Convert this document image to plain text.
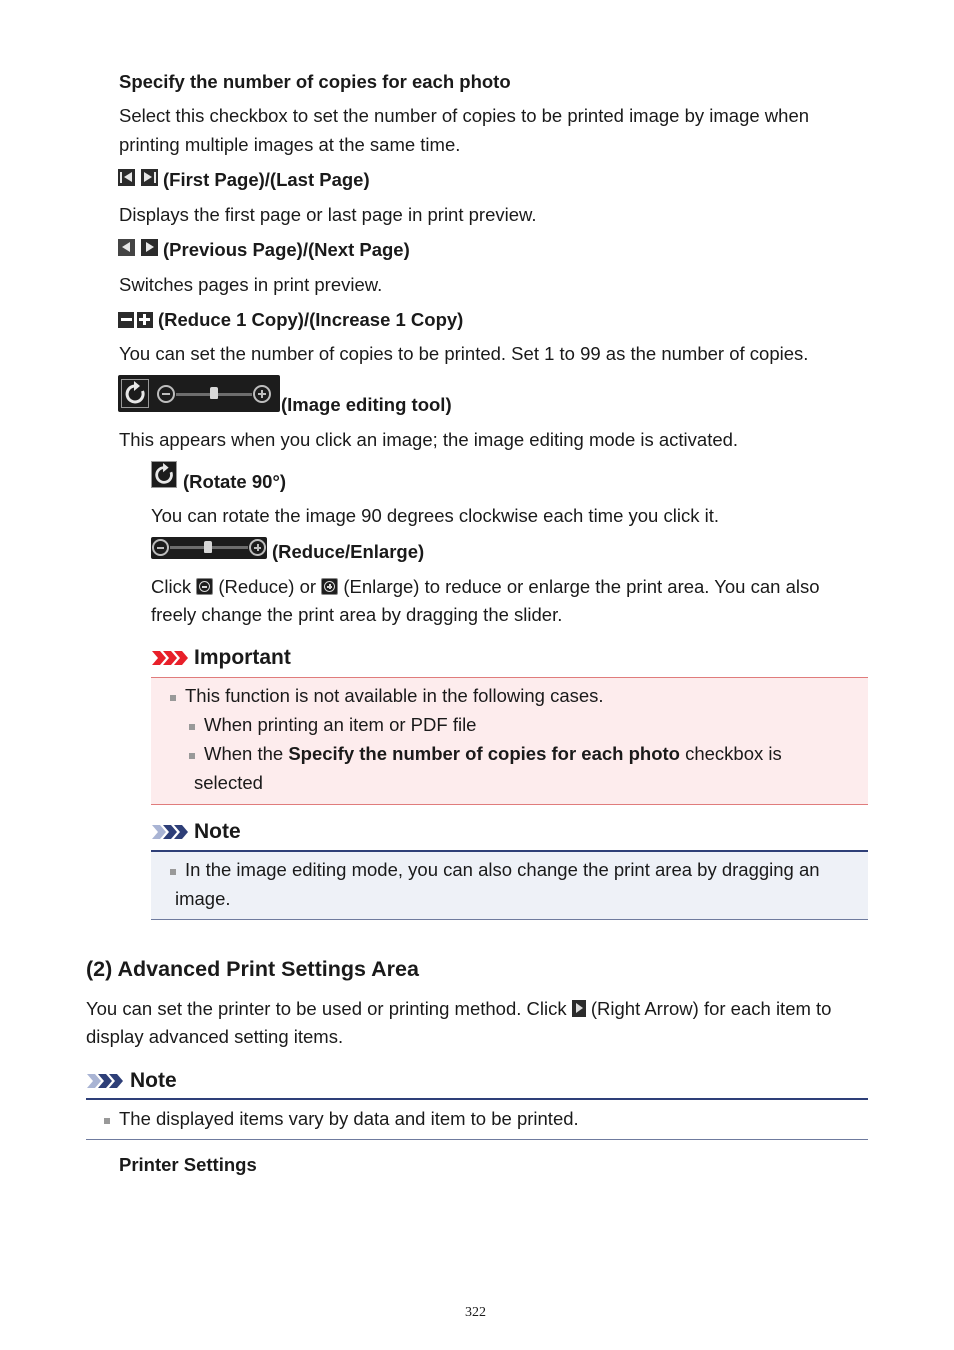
Specify the number of copies for each photo
Select this checkbox to set the number of copies to be printed image by image when
printing multiple images at the same time.

(First Page)/(Last Page)
Displays the first page or last page in print preview.

(Previous Page)/(Next Page)
Switches pages in print preview.
(Reduce 1 Copy)/(Increase 1 Copy)
You can set the number of copies to be printed. Set 1 to 99 as the number of copies.
(Image editing tool)
This appears when you click an image; the image editing mode is activated.
(Rotate 90°)
You can rotate the image 90 degrees clockwise each time you click it.
(Reduce/Enlarge)
Click (Reduce) or (Enlarge) to reduce or enlarge the print area. You can also
freely change the print area by dragging the slider.
Important
This function is not available in the following cases.
When printing an item or PDF file
When the Specify the number of copies for each photo checkbox is
selected
Note
In the image editing mode, you can also change the print area by dragging an
image.
(2) Advanced Print Settings Area
You can set the printer to be used or printing method. Click (Right Arrow) for each item to
display advanced setting items.
Note
The displayed items vary by data and item to be printed.
Printer Settings
322
